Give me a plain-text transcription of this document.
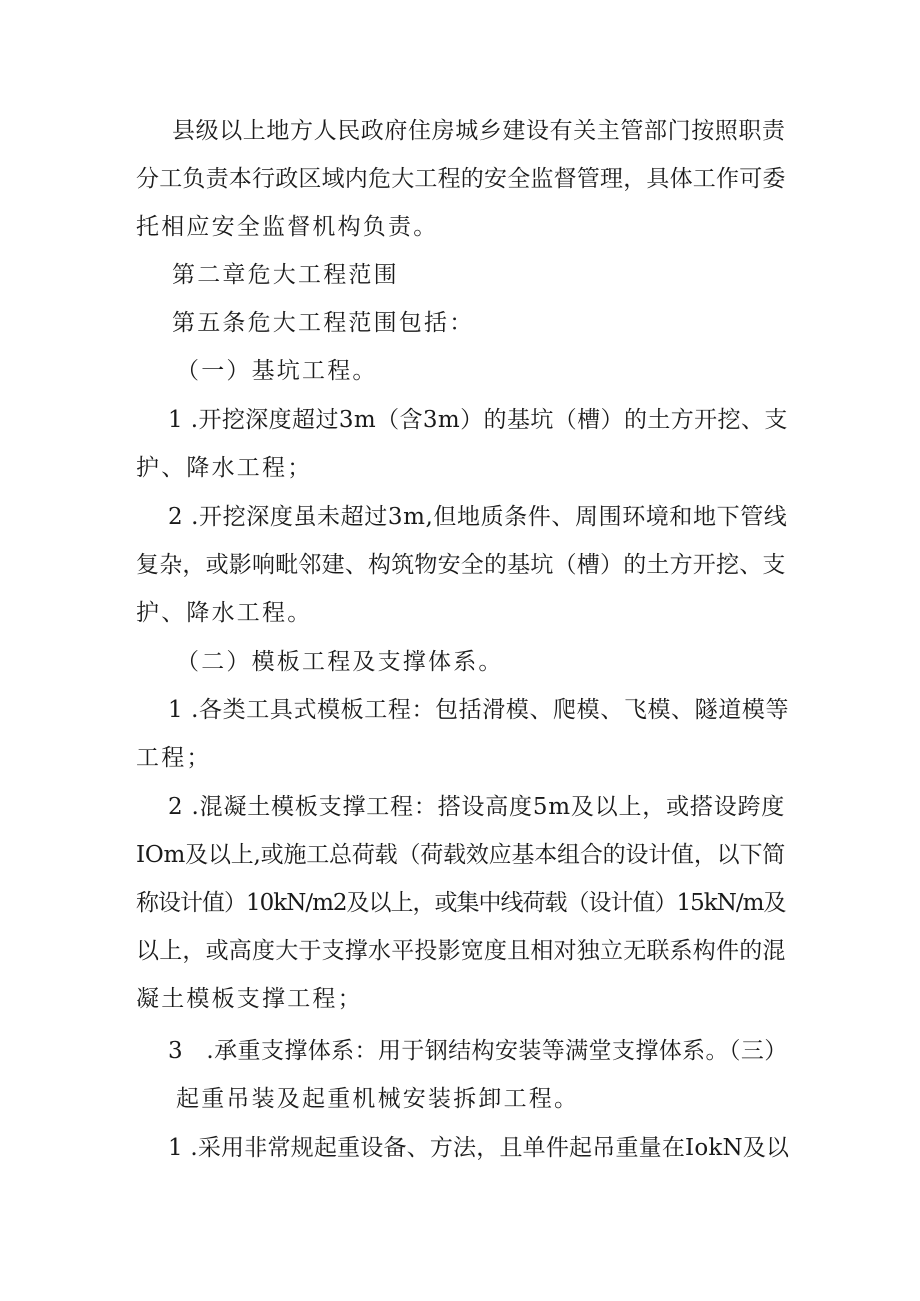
县级以上地方人民政府住房城乡建设有关主管部门按照职责
分工负责本行政区域内危大工程的安全监督管理，具体工作可委
托相应安全监督机构负责。
第二章危大工程范围
第五条危大工程范围包括：
（一）基坑工程。
1 .开挖深度超过3m（含3m）的基坑（槽）的土方开挖、支
护、降水工程；
2 .开挖深度虽未超过3m,但地质条件、周围环境和地下管线
复杂，或影响毗邻建、构筑物安全的基坑（槽）的土方开挖、支
护、降水工程。
（二）模板工程及支撑体系。
1 .各类工具式模板工程：包括滑模、爬模、飞模、隧道模等
工程；
2 .混凝土模板支撑工程：搭设高度5m及以上，或搭设跨度
IOm及以上,或施工总荷载（荷载效应基本组合的设计值，以下简
称设计值）10kN∕m2及以上，或集中线荷载（设计值）15kN∕m及
以上，或高度大于支撑水平投影宽度且相对独立无联系构件的混
凝土模板支撑工程；
3　.承重支撑体系：用于钢结构安装等满堂支撑体系。（三）
起重吊装及起重机械安装拆卸工程。
1 .采用非常规起重设备、方法，且单件起吊重量在IokN及以
